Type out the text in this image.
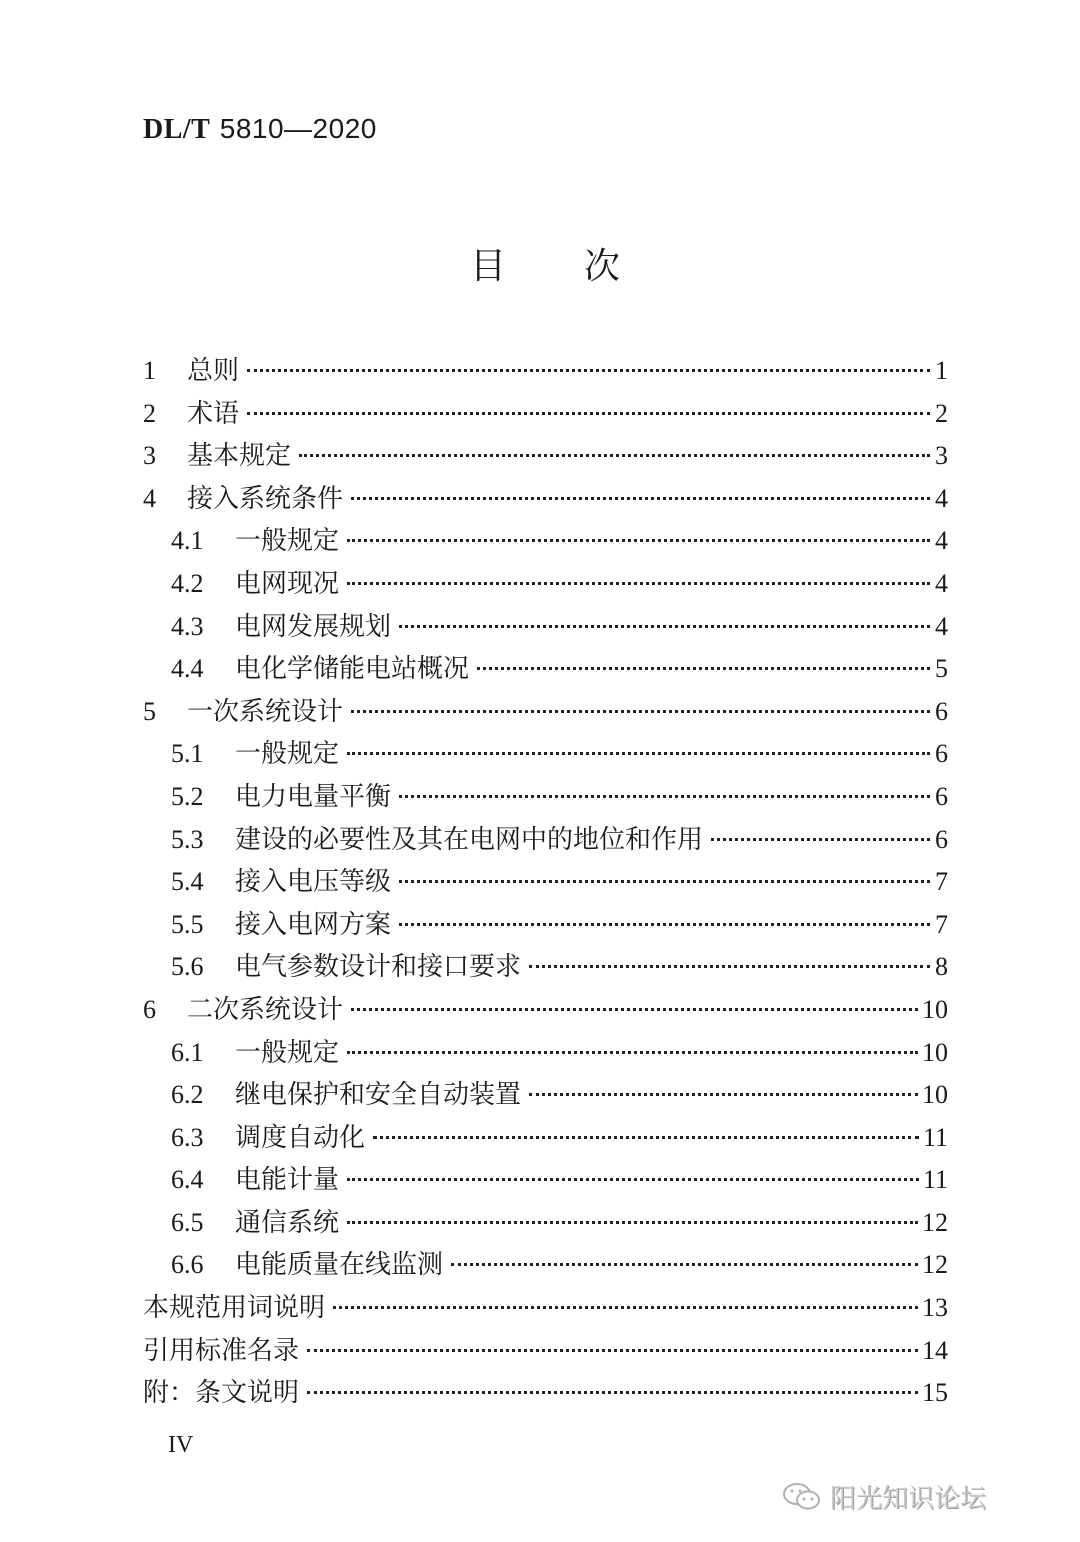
DL/T 5810—2020
目次
1	总则	1
2	术语	2
3	基本规定	3
4	接入系统条件	4
4.1	一般规定	4
4.2	电网现况	4
4.3	电网发展规划	4
4.4	电化学储能电站概况	5
5	一次系统设计	6
5.1	一般规定	6
5.2	电力电量平衡	6
5.3	建设的必要性及其在电网中的地位和作用	6
5.4	接入电压等级	7
5.5	接入电网方案	7
5.6	电气参数设计和接口要求	8
6	二次系统设计	10
6.1	一般规定	10
6.2	继电保护和安全自动装置	10
6.3	调度自动化	11
6.4	电能计量	11
6.5	通信系统	12
6.6	电能质量在线监测	12
本规范用词说明	13
引用标准名录	14
附：条文说明	15
IV
阳光知识论坛
